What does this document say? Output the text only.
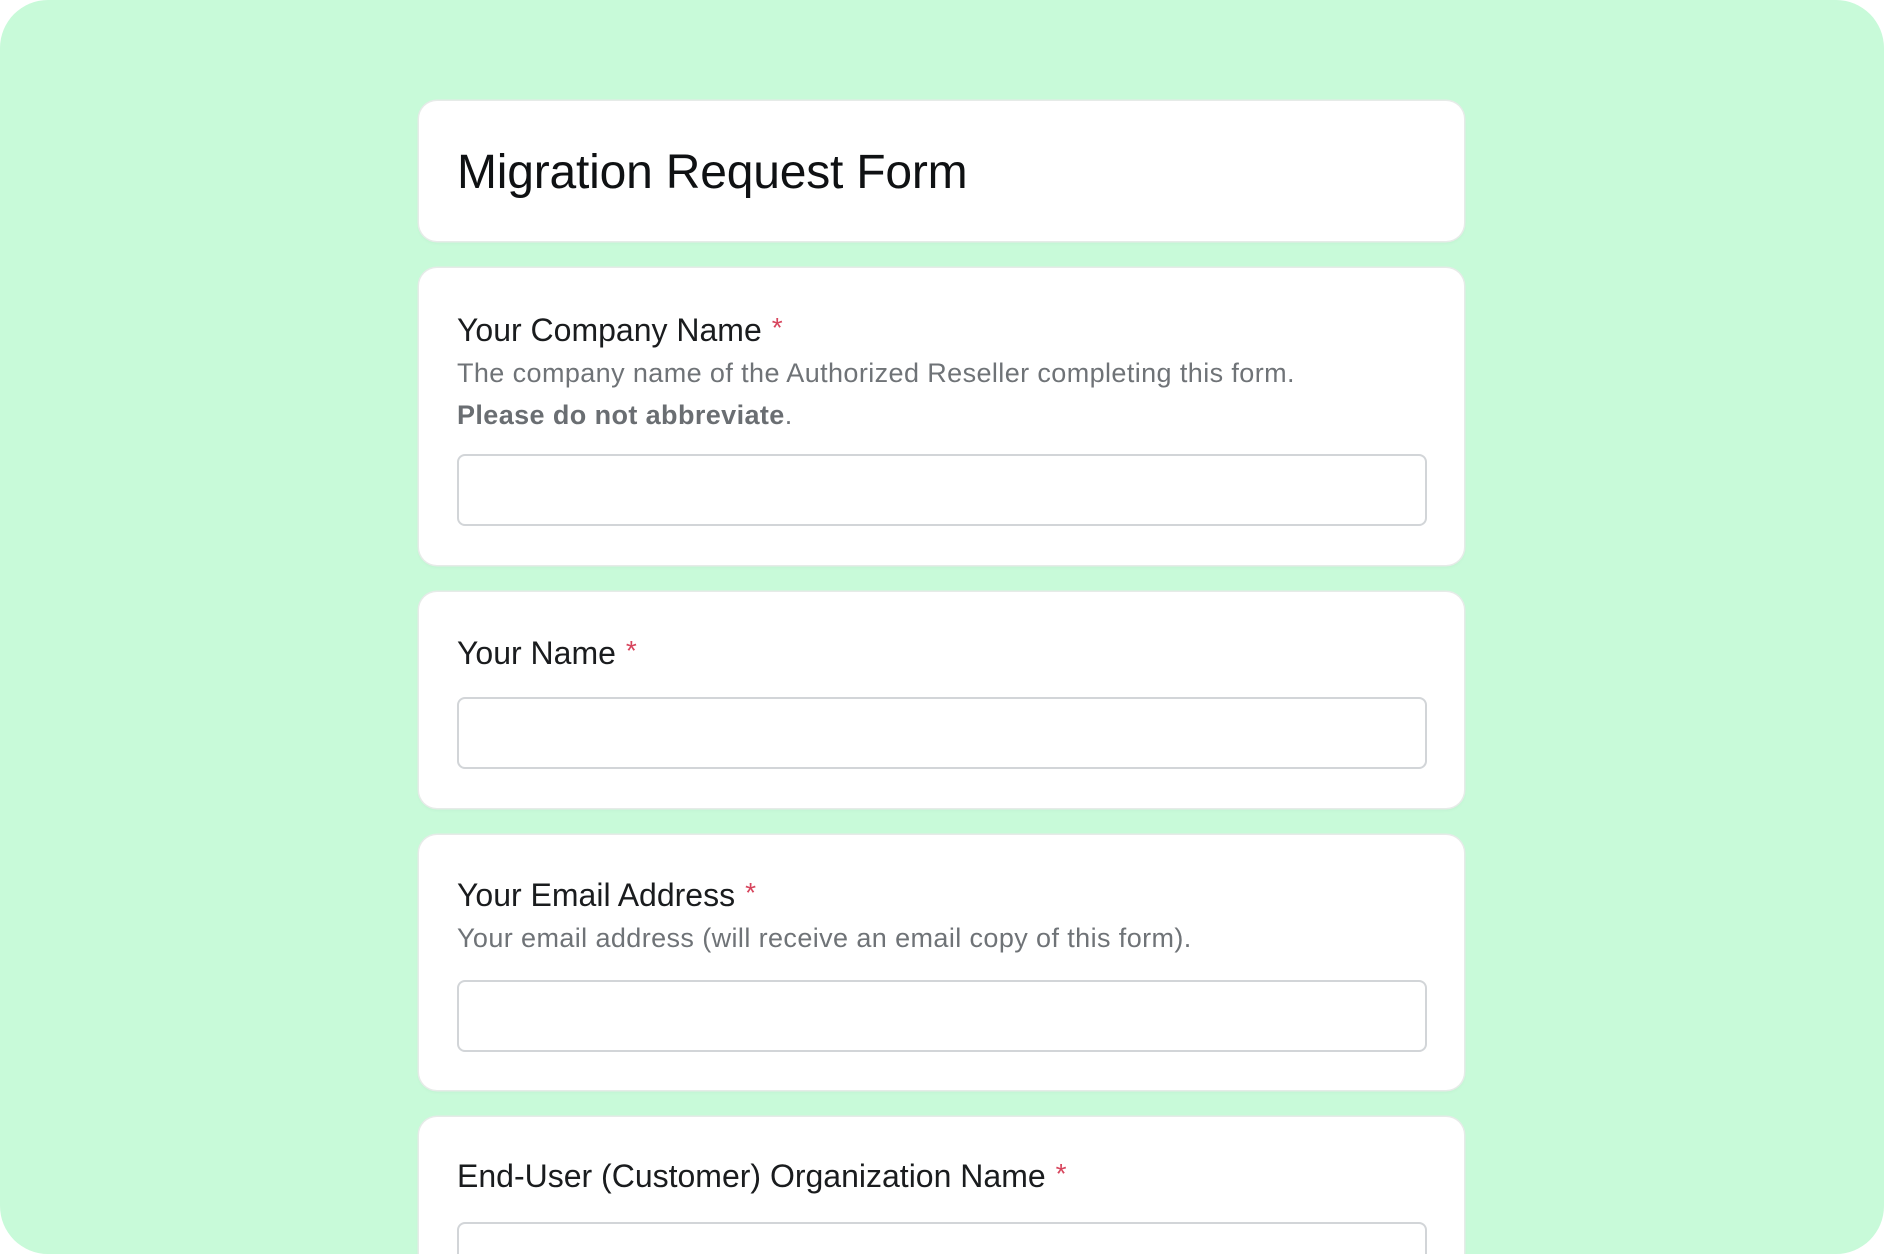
Migration Request Form
Your Company Name *

The company name of the Authorized Reseller completing this form.

Please do not abbreviate.

Your Name *
Your Email Address *

Your email address (will receive an email copy of this form).

End-User (Customer) Organization Name *
